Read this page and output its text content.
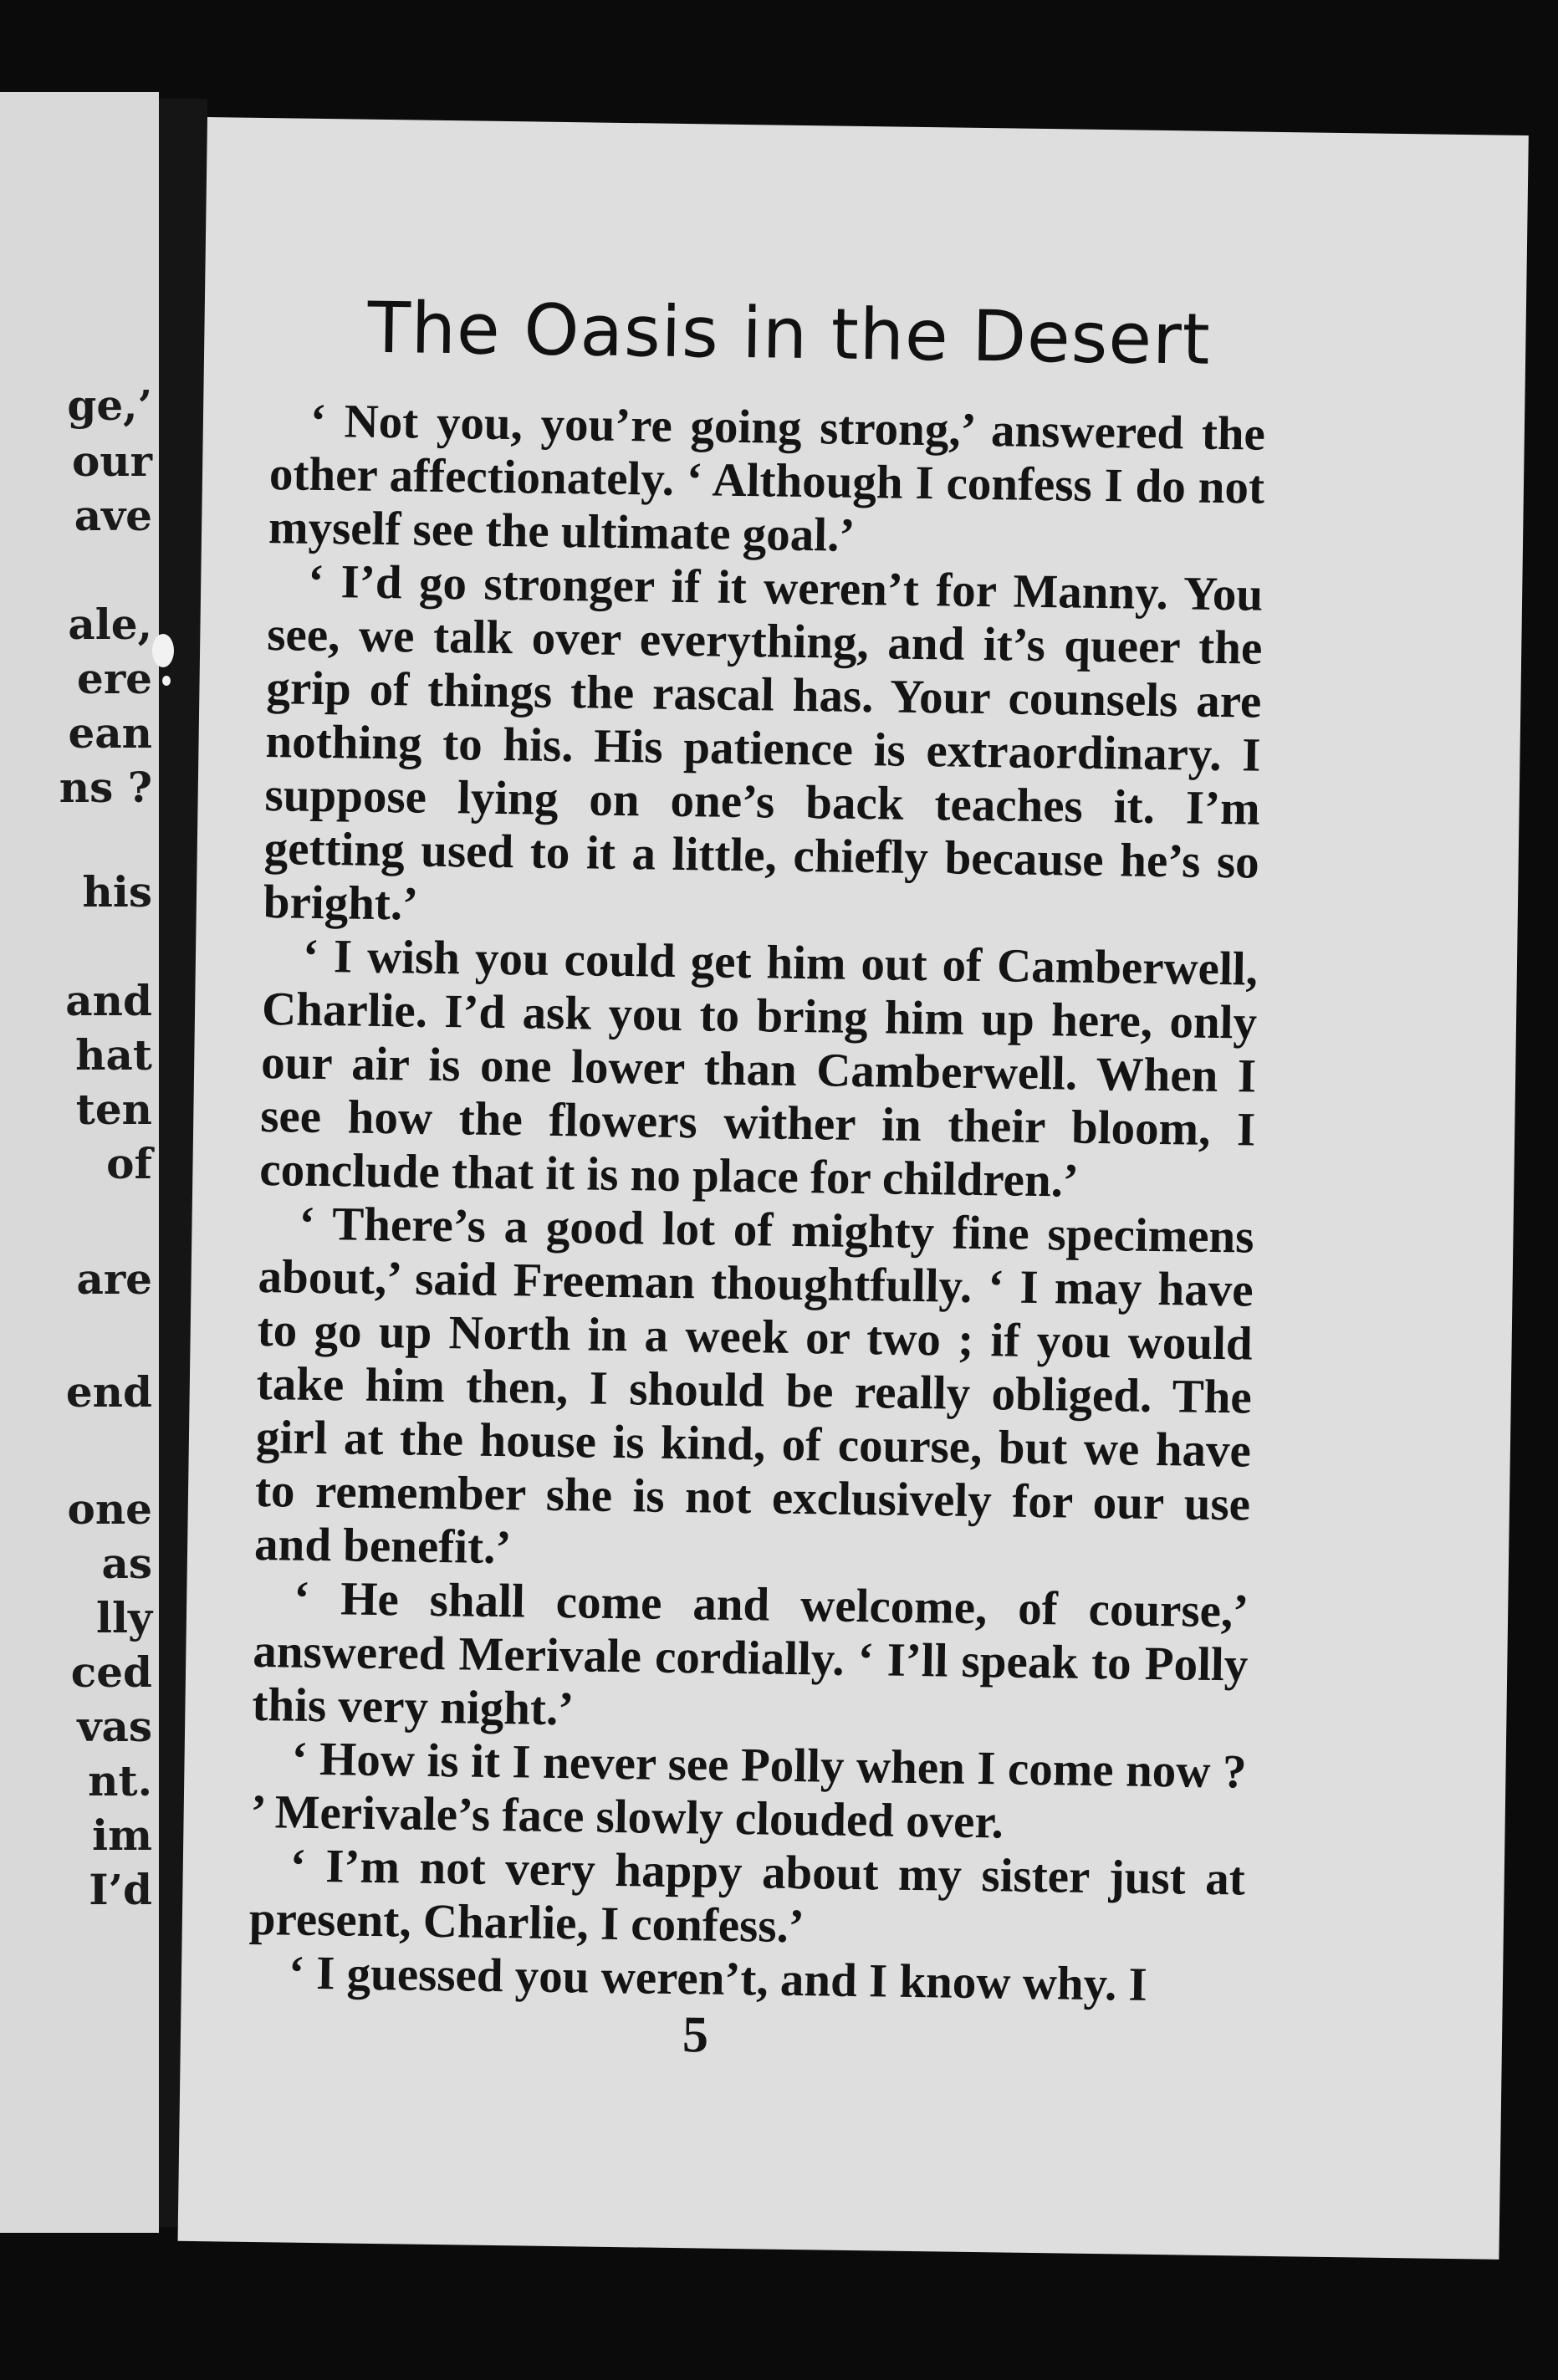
ge,’
our
ave
ale,
ere
ean
ns ?
his
and
hat
ten
of
are
end
one
as
lly
ced
vas
nt.
im
I’d
The Oasis in the Desert

‘ Not you, you’re going strong,’ answered the other affectionately. ‘ Although I confess I do not myself see the ultimate goal.’

‘ I’d go stronger if it weren’t for Manny. You see, we talk over everything, and it’s queer the grip of things the rascal has. Your counsels are nothing to his. His patience is extraordinary. I suppose lying on one’s back teaches it. I’m getting used to it a little, chiefly because he’s so bright.’

‘ I wish you could get him out of Camberwell, Charlie. I’d ask you to bring him up here, only our air is one lower than Camberwell. When I see how the flowers wither in their bloom, I conclude that it is no place for children.’

‘ There’s a good lot of mighty fine specimens about,’ said Freeman thoughtfully. ‘ I may have to go up North in a week or two ; if you would take him then, I should be really obliged. The girl at the house is kind, of course, but we have to remember she is not exclusively for our use and benefit.’

‘ He shall come and welcome, of course,’ answered Merivale cordially. ‘ I’ll speak to Polly this very night.’

‘ How is it I never see Polly when I come now ? ’ Merivale’s face slowly clouded over.

‘ I’m not very happy about my sister just at present, Charlie, I confess.’

‘ I guessed you weren’t, and I know why. I

5
